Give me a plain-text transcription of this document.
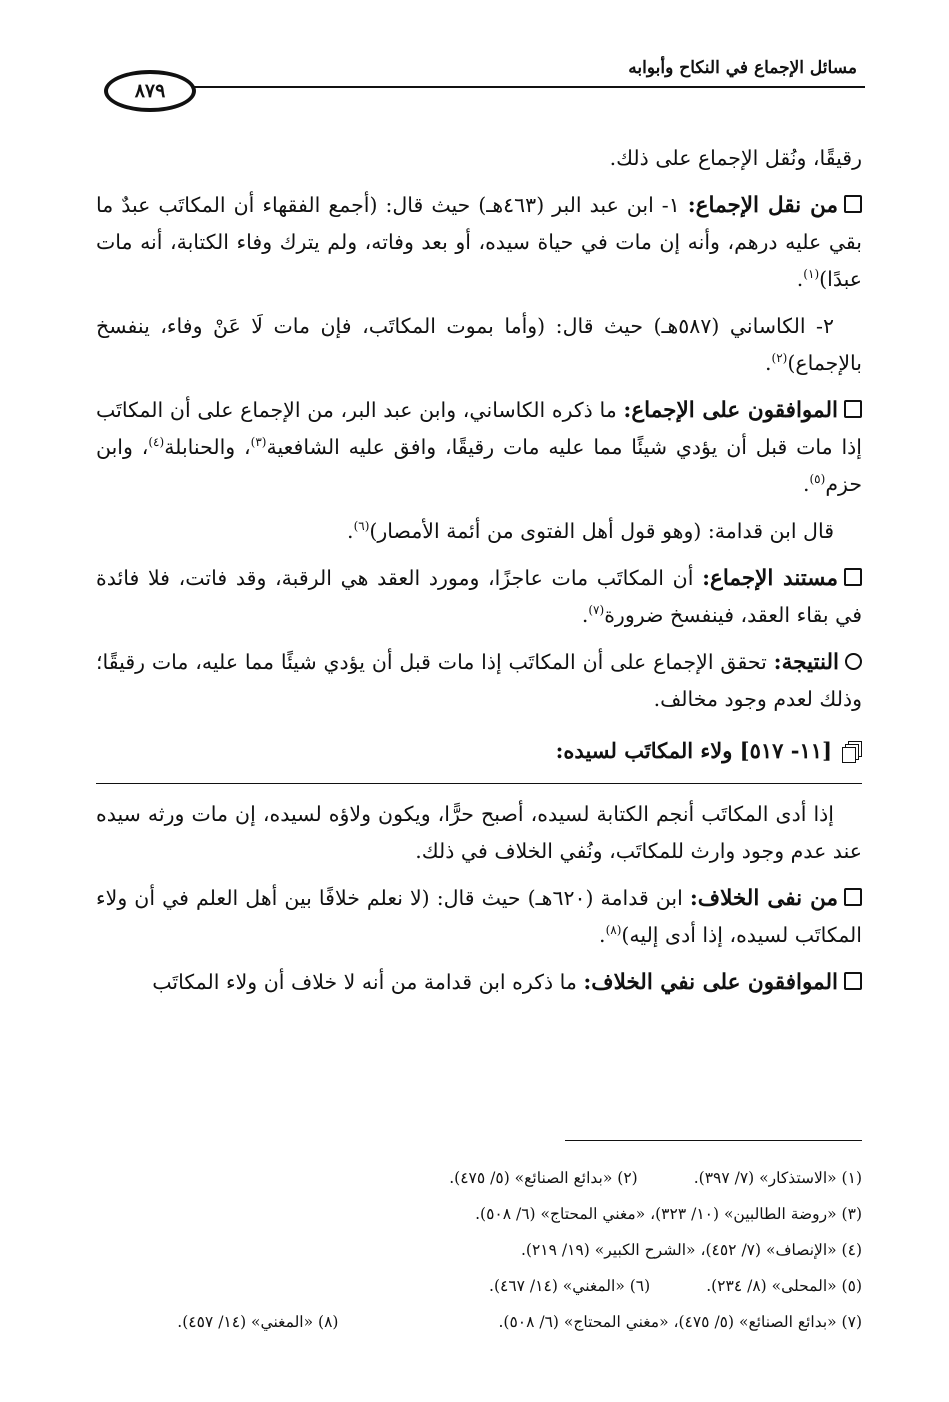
مسائل الإجماع في النكاح وأبوابه
٨٧٩

رقيقًا، ونُقل الإجماع على ذلك.

من نقل الإجماع: ١- ابن عبد البر (٤٦٣هـ) حيث قال: (أجمع الفقهاء أن المكاتَب عبدٌ ما بقي عليه درهم، وأنه إن مات في حياة سيده، أو بعد وفاته، ولم يترك وفاء الكتابة، أنه مات عبدًا)$^{(١)}$.

٢- الكاساني (٥٨٧هـ) حيث قال: (وأما بموت المكاتَب، فإن مات لَا عَنْ وفاء، ينفسخ بالإجماع)$^{(٢)}$.

الموافقون على الإجماع: ما ذكره الكاساني، وابن عبد البر، من الإجماع على أن المكاتَب إذا مات قبل أن يؤدي شيئًا مما عليه مات رقيقًا، وافق عليه الشافعية$^{(٣)}$، والحنابلة$^{(٤)}$، وابن حزم$^{(٥)}$.

قال ابن قدامة: (وهو قول أهل الفتوى من أئمة الأمصار)$^{(٦)}$.

مستند الإجماع: أن المكاتَب مات عاجزًا، ومورد العقد هي الرقبة، وقد فاتت، فلا فائدة في بقاء العقد، فينفسخ ضرورة$^{(٧)}$.

النتيجة: تحقق الإجماع على أن المكاتَب إذا مات قبل أن يؤدي شيئًا مما عليه، مات رقيقًا؛ وذلك لعدم وجود مخالف.

[١١- ٥١٧] ولاء المكاتَب لسيده:

إذا أدى المكاتَب أنجم الكتابة لسيده، أصبح حرًّا، ويكون ولاؤه لسيده، إن مات ورثه سيده عند عدم وجود وارث للمكاتَب، ونُفي الخلاف في ذلك.

من نفى الخلاف: ابن قدامة (٦٢٠هـ) حيث قال: (لا نعلم خلافًا بين أهل العلم في أن ولاء المكاتَب لسيده، إذا أدى إليه)$^{(٨)}$.

الموافقون على نفي الخلاف: ما ذكره ابن قدامة من أنه لا خلاف أن ولاء المكاتَب

(١) «الاستذكار» (٧/ ٣٩٧).(٢) «بدائع الصنائع» (٥/ ٤٧٥).
(٣) «روضة الطالبين» (١٠/ ٣٢٣)، «مغني المحتاج» (٦/ ٥٠٨).
(٤) «الإنصاف» (٧/ ٤٥٢)، «الشرح الكبير» (١٩/ ٢١٩).
(٥) «المحلى» (٨/ ٢٣٤).(٦) «المغني» (١٤/ ٤٦٧).
(٧) «بدائع الصنائع» (٥/ ٤٧٥)، «مغني المحتاج» (٦/ ٥٠٨).(٨) «المغني» (١٤/ ٤٥٧).
